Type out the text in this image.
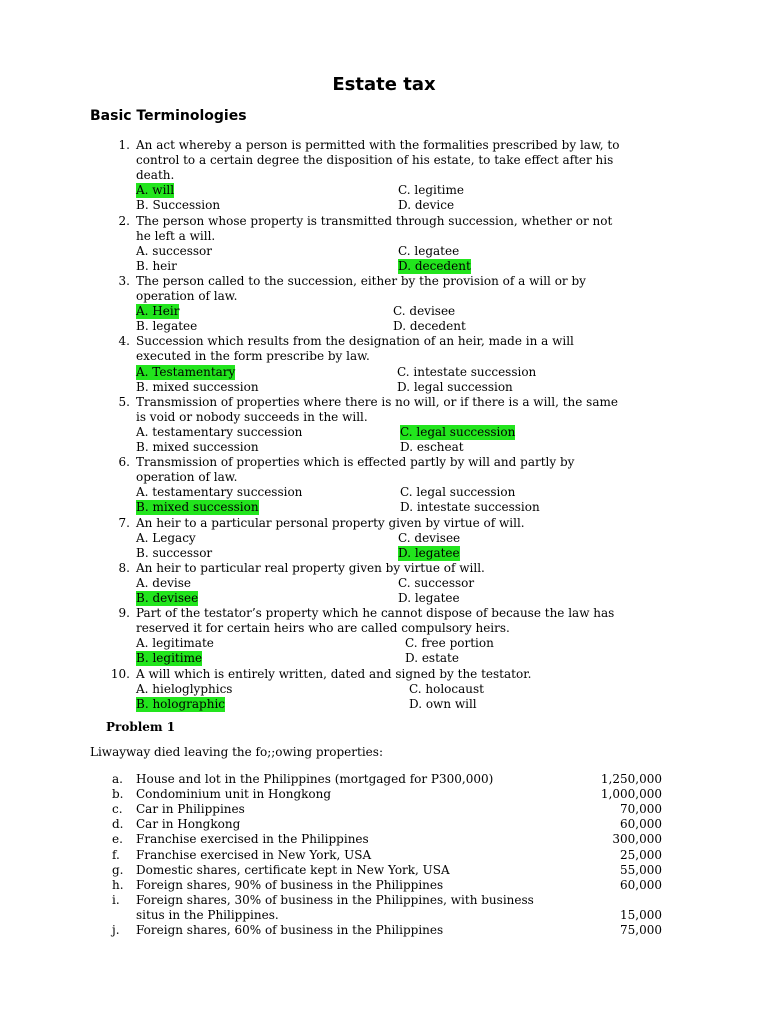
Estate tax
Basic Terminologies
1. An act whereby a person is permitted with the formalities prescribed by law, to
control to a certain degree the disposition of his estate, to take effect after his
death.
A. will	C. legitime
B. Succession	D. device
2. The person whose property is transmitted through succession, whether or not
he left a will.
A. successor	C. legatee
B. heir	D. decedent
3. The person called to the succession, either by the provision of a will or by
operation of law.
A. Heir	C. devisee
B. legatee	D. decedent
4. Succession which results from the designation of an heir, made in a will
executed in the form prescribe by law.
A. Testamentary	C. intestate succession
B. mixed succession	D. legal succession
5. Transmission of properties where there is no will, or if there is a will, the same
is void or nobody succeeds in the will.
A. testamentary succession	C. legal succession
B. mixed succession	D. escheat
6. Transmission of properties which is effected partly by will and partly by
operation of law.
A. testamentary succession	C. legal succession
B. mixed succession	D. intestate succession
7. An heir to a particular personal property given by virtue of will.
A. Legacy	C. devisee
B. successor	D. legatee
8. An heir to particular real property given by virtue of will.
A. devise	C. successor
B. devisee	D. legatee
9. Part of the testator’s property which he cannot dispose of because the law has
reserved it for certain heirs who are called compulsory heirs.
A. legitimate	C. free portion
B. legitime	D. estate
10. A will which is entirely written, dated and signed by the testator.
A. hieloglyphics	C. holocaust
B. holographic	D. own will
Problem 1
Liwayway died leaving the fo;;owing properties:
a. House and lot in the Philippines (mortgaged for P300,000)	1,250,000
b. Condominium unit in Hongkong	1,000,000
c. Car in Philippines	70,000
d. Car in Hongkong	60,000
e. Franchise exercised in the Philippines	300,000
f. Franchise exercised in New York, USA	25,000
g. Domestic shares, certificate kept in New York, USA	55,000
h. Foreign shares, 90% of business in the Philippines	60,000
i. Foreign shares, 30% of business in the Philippines, with business
situs in the Philippines.	15,000
j. Foreign shares, 60% of business in the Philippines	75,000
